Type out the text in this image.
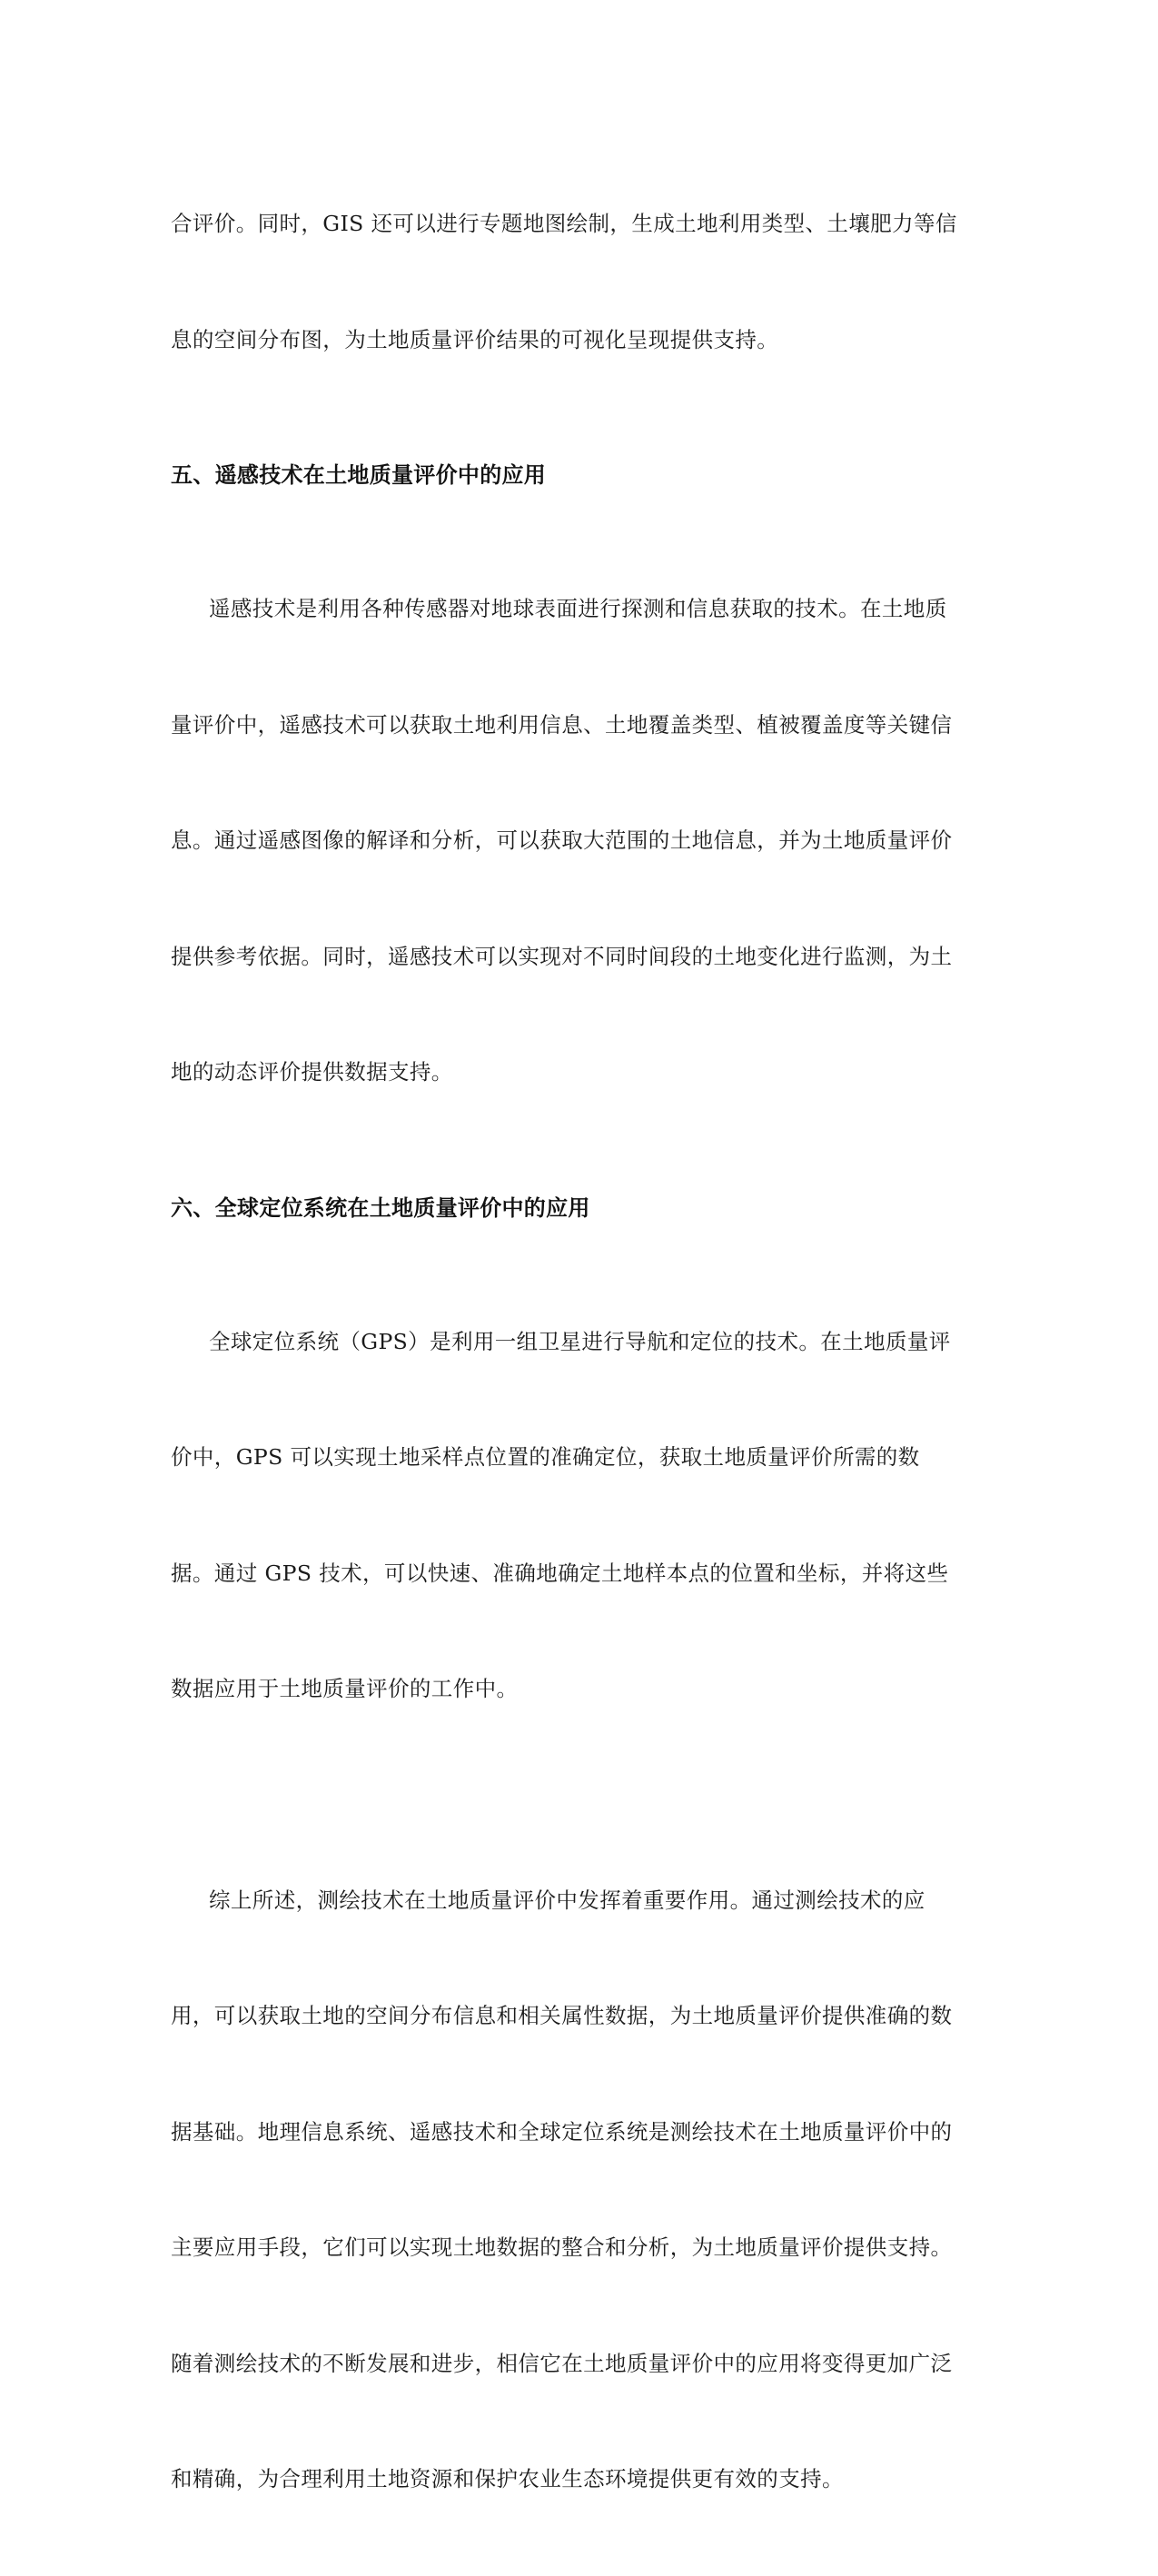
合评价。同时，GIS 还可以进行专题地图绘制，生成土地利用类型、土壤肥力等信

息的空间分布图，为土地质量评价结果的可视化呈现提供支持。

五、遥感技术在土地质量评价中的应用

遥感技术是利用各种传感器对地球表面进行探测和信息获取的技术。在土地质

量评价中，遥感技术可以获取土地利用信息、土地覆盖类型、植被覆盖度等关键信

息。通过遥感图像的解译和分析，可以获取大范围的土地信息，并为土地质量评价

提供参考依据。同时，遥感技术可以实现对不同时间段的土地变化进行监测，为土

地的动态评价提供数据支持。

六、全球定位系统在土地质量评价中的应用

全球定位系统（GPS）是利用一组卫星进行导航和定位的技术。在土地质量评

价中，GPS 可以实现土地采样点位置的准确定位，获取土地质量评价所需的数

据。通过 GPS 技术，可以快速、准确地确定土地样本点的位置和坐标，并将这些

数据应用于土地质量评价的工作中。

综上所述，测绘技术在土地质量评价中发挥着重要作用。通过测绘技术的应

用，可以获取土地的空间分布信息和相关属性数据，为土地质量评价提供准确的数

据基础。地理信息系统、遥感技术和全球定位系统是测绘技术在土地质量评价中的

主要应用手段，它们可以实现土地数据的整合和分析，为土地质量评价提供支持。

随着测绘技术的不断发展和进步，相信它在土地质量评价中的应用将变得更加广泛

和精确，为合理利用土地资源和保护农业生态环境提供更有效的支持。
